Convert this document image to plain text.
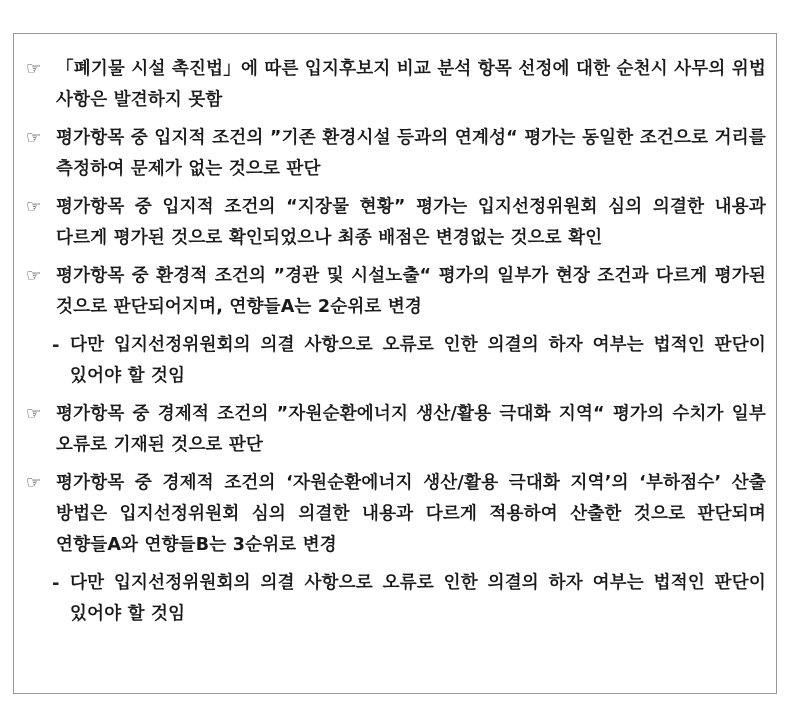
☞ 「폐기물 시설 촉진법」에 따른 입지후보지 비교 분석 항목 선정에 대한 순천시 사무의 위법 사항은 발견하지 못함
☞ 평가항목 중 입지적 조건의 ”기존 환경시설 등과의 연계성“ 평가는 동일한 조건으로 거리를 측정하여 문제가 없는 것으로 판단
☞ 평가항목 중 입지적 조건의 “지장물 현황” 평가는 입지선정위원회 심의 의결한 내용과 다르게 평가된 것으로 확인되었으나 최종 배점은 변경없는 것으로 확인
☞ 평가항목 중 환경적 조건의 ”경관 및 시설노출“ 평가의 일부가 현장 조건과 다르게 평가된 것으로 판단되어지며, 연향들A는 2순위로 변경
- 다만 입지선정위원회의 의결 사항으로 오류로 인한 의결의 하자 여부는 법적인 판단이 있어야 할 것임
☞ 평가항목 중 경제적 조건의 ”자원순환에너지 생산/활용 극대화 지역“ 평가의 수치가 일부 오류로 기재된 것으로 판단
☞ 평가항목 중 경제적 조건의 ‘자원순환에너지 생산/활용 극대화 지역’의 ‘부하점수’ 산출 방법은 입지선정위원회 심의 의결한 내용과 다르게 적용하여 산출한 것으로 판단되며 연향들A와 연향들B는 3순위로 변경
- 다만 입지선정위원회의 의결 사항으로 오류로 인한 의결의 하자 여부는 법적인 판단이 있어야 할 것임
